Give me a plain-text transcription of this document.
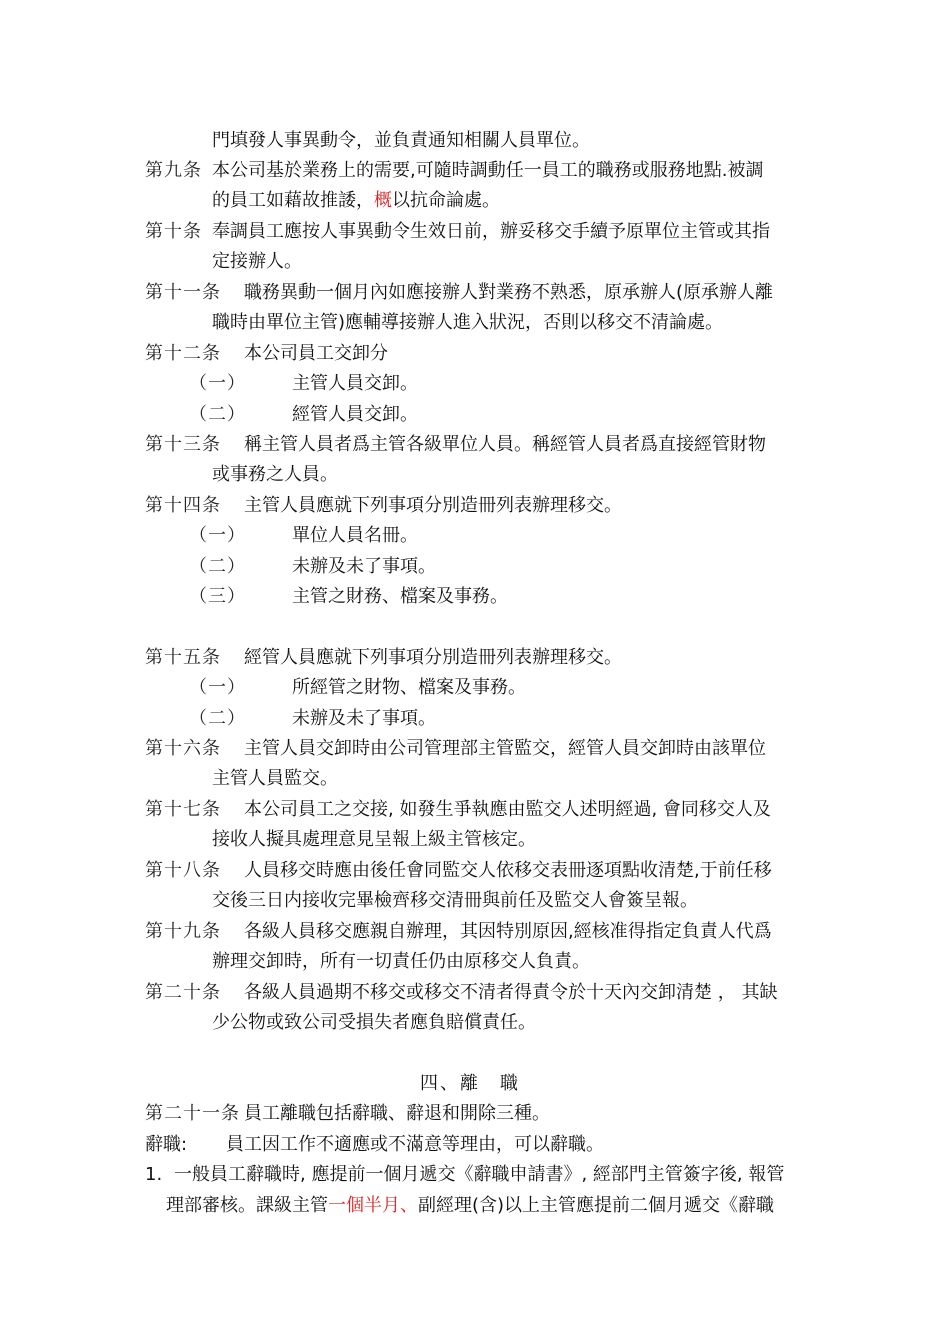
門填發人事異動令，並負責通知相關人員單位。
第九条 本公司基於業務上的需要,可隨時調動任一員工的職務或服務地點.被調
的員工如藉故推諉，概以抗命論處。
第十条 奉調員工應按人事異動令生效日前，辦妥移交手續予原單位主管或其指
定接辦人。
第十一条 職務異動一個月內如應接辦人對業務不熟悉，原承辦人(原承辦人離
職時由單位主管)應輔導接辦人進入狀況，否則以移交不清論處。
第十二条 本公司員工交卸分
（一）	主管人員交卸。
（二）	經管人員交卸。
第十三条 稱主管人員者爲主管各級單位人員。稱經管人員者爲直接經管財物
或事務之人員。
第十四条 主管人員應就下列事項分別造冊列表辦理移交。
（一）	單位人員名冊。
（二）	未辦及未了事項。
（三）	主管之財務、檔案及事務。
第十五条 經管人員應就下列事項分別造冊列表辦理移交。
（一）	所經管之財物、檔案及事務。
（二）	未辦及未了事項。
第十六条 主管人員交卸時由公司管理部主管監交，經管人員交卸時由該單位
主管人員監交。
第十七条 本公司員工之交接, 如發生爭執應由監交人述明經過, 會同移交人及
接收人擬具處理意見呈報上級主管核定。
第十八条 人員移交時應由後任會同監交人依移交表冊逐項點收清楚,于前任移
交後三日内接收完畢檢齊移交清冊與前任及監交人會簽呈報。
第十九条 各級人員移交應親自辦理，其因特別原因,經核准得指定負責人代爲
辦理交卸時，所有一切責任仍由原移交人負責。
第二十条 各級人員過期不移交或移交不清者得責令於十天內交卸清楚 ， 其缺
少公物或致公司受損失者應負賠償責任。
四、離　職
第二十一条 員工離職包括辭職、辭退和開除三種。
辭職: 員工因工作不適應或不滿意等理由，可以辭職。
1. 一般員工辭職時, 應提前一個月遞交《辭職申請書》, 經部門主管簽字後, 報管
理部審核。課級主管一個半月、副經理(含)以上主管應提前二個月遞交《辭職
